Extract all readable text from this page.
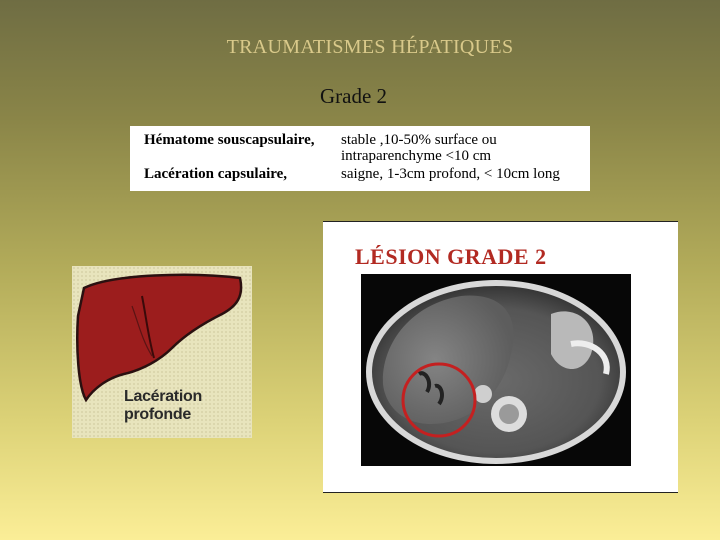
TRAUMATISMES HÉPATIQUES
Grade 2
Hématome souscapsulaire, stable ,10-50% surface ou
intraparenchyme <10 cm
Lacération capsulaire,	saigne, 1-3cm profond, < 10cm long
Lacération
profonde
LÉSION GRADE 2
